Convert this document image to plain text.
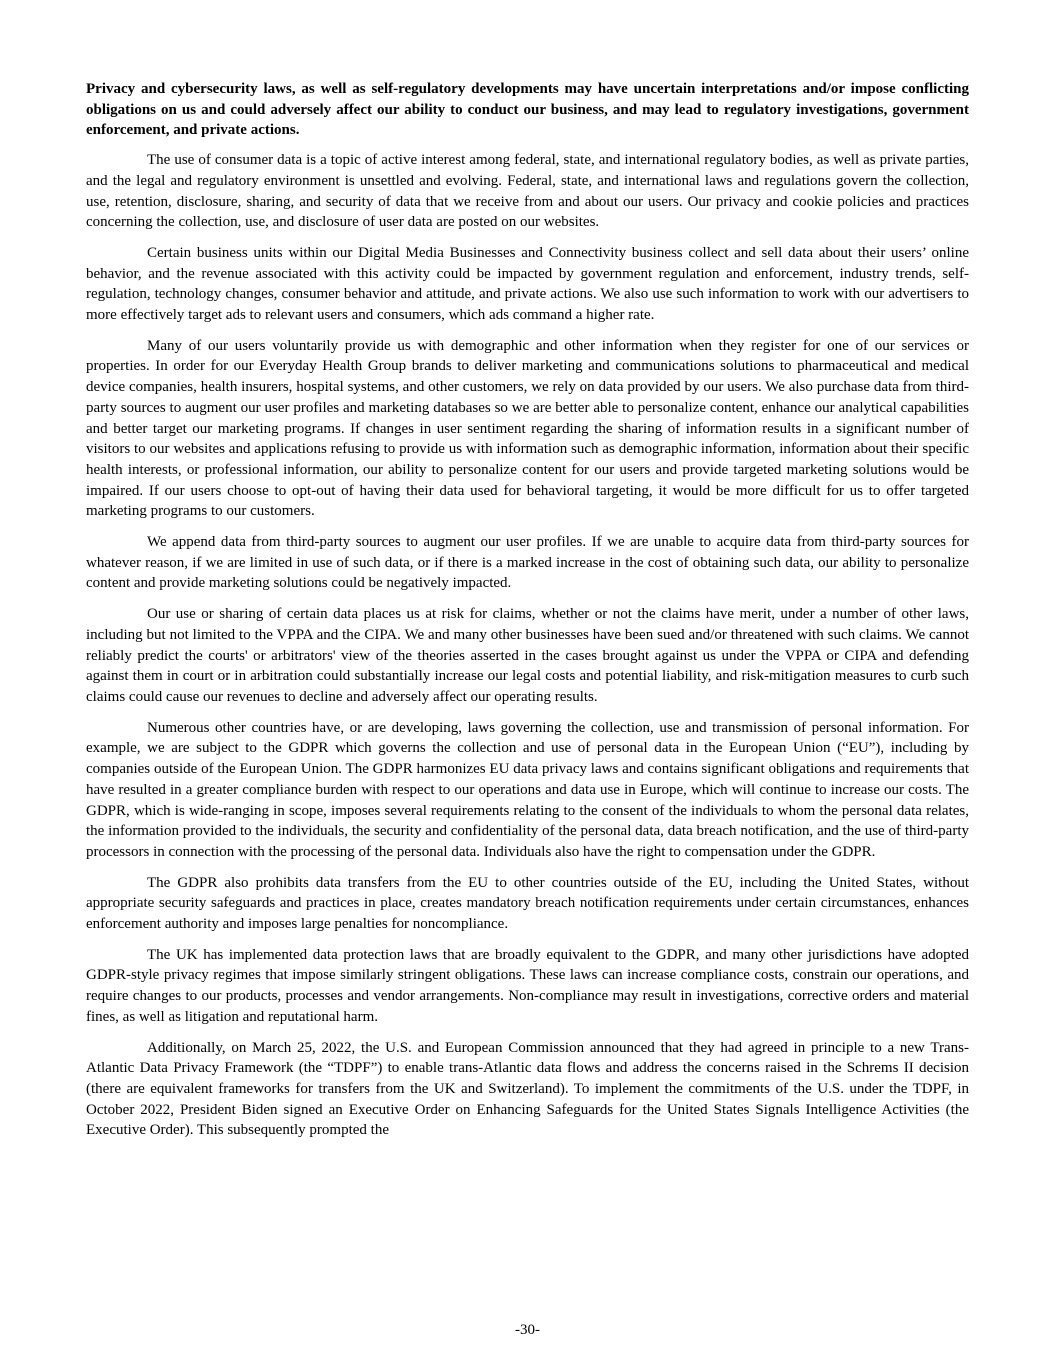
Privacy and cybersecurity laws, as well as self-regulatory developments may have uncertain interpretations and/or impose conflicting obligations on us and could adversely affect our ability to conduct our business, and may lead to regulatory investigations, government enforcement, and private actions.

The use of consumer data is a topic of active interest among federal, state, and international regulatory bodies, as well as private parties, and the legal and regulatory environment is unsettled and evolving. Federal, state, and international laws and regulations govern the collection, use, retention, disclosure, sharing, and security of data that we receive from and about our users. Our privacy and cookie policies and practices concerning the collection, use, and disclosure of user data are posted on our websites.

Certain business units within our Digital Media Businesses and Connectivity business collect and sell data about their users’ online behavior, and the revenue associated with this activity could be impacted by government regulation and enforcement, industry trends, self-regulation, technology changes, consumer behavior and attitude, and private actions. We also use such information to work with our advertisers to more effectively target ads to relevant users and consumers, which ads command a higher rate.

Many of our users voluntarily provide us with demographic and other information when they register for one of our services or properties. In order for our Everyday Health Group brands to deliver marketing and communications solutions to pharmaceutical and medical device companies, health insurers, hospital systems, and other customers, we rely on data provided by our users. We also purchase data from third-party sources to augment our user profiles and marketing databases so we are better able to personalize content, enhance our analytical capabilities and better target our marketing programs. If changes in user sentiment regarding the sharing of information results in a significant number of visitors to our websites and applications refusing to provide us with information such as demographic information, information about their specific health interests, or professional information, our ability to personalize content for our users and provide targeted marketing solutions would be impaired. If our users choose to opt-out of having their data used for behavioral targeting, it would be more difficult for us to offer targeted marketing programs to our customers.

We append data from third-party sources to augment our user profiles. If we are unable to acquire data from third-party sources for whatever reason, if we are limited in use of such data, or if there is a marked increase in the cost of obtaining such data, our ability to personalize content and provide marketing solutions could be negatively impacted.

Our use or sharing of certain data places us at risk for claims, whether or not the claims have merit, under a number of other laws, including but not limited to the VPPA and the CIPA. We and many other businesses have been sued and/or threatened with such claims. We cannot reliably predict the courts' or arbitrators' view of the theories asserted in the cases brought against us under the VPPA or CIPA and defending against them in court or in arbitration could substantially increase our legal costs and potential liability, and risk-mitigation measures to curb such claims could cause our revenues to decline and adversely affect our operating results.

Numerous other countries have, or are developing, laws governing the collection, use and transmission of personal information. For example, we are subject to the GDPR which governs the collection and use of personal data in the European Union (“EU”), including by companies outside of the European Union. The GDPR harmonizes EU data privacy laws and contains significant obligations and requirements that have resulted in a greater compliance burden with respect to our operations and data use in Europe, which will continue to increase our costs. The GDPR, which is wide-ranging in scope, imposes several requirements relating to the consent of the individuals to whom the personal data relates, the information provided to the individuals, the security and confidentiality of the personal data, data breach notification, and the use of third-party processors in connection with the processing of the personal data. Individuals also have the right to compensation under the GDPR.

The GDPR also prohibits data transfers from the EU to other countries outside of the EU, including the United States, without appropriate security safeguards and practices in place, creates mandatory breach notification requirements under certain circumstances, enhances enforcement authority and imposes large penalties for noncompliance.

The UK has implemented data protection laws that are broadly equivalent to the GDPR, and many other jurisdictions have adopted GDPR-style privacy regimes that impose similarly stringent obligations. These laws can increase compliance costs, constrain our operations, and require changes to our products, processes and vendor arrangements. Non-compliance may result in investigations, corrective orders and material fines, as well as litigation and reputational harm.

Additionally, on March 25, 2022, the U.S. and European Commission announced that they had agreed in principle to a new Trans-Atlantic Data Privacy Framework (the “TDPF”) to enable trans-Atlantic data flows and address the concerns raised in the Schrems II decision (there are equivalent frameworks for transfers from the UK and Switzerland). To implement the commitments of the U.S. under the TDPF, in October 2022, President Biden signed an Executive Order on Enhancing Safeguards for the United States Signals Intelligence Activities (the Executive Order). This subsequently prompted the

-30-
